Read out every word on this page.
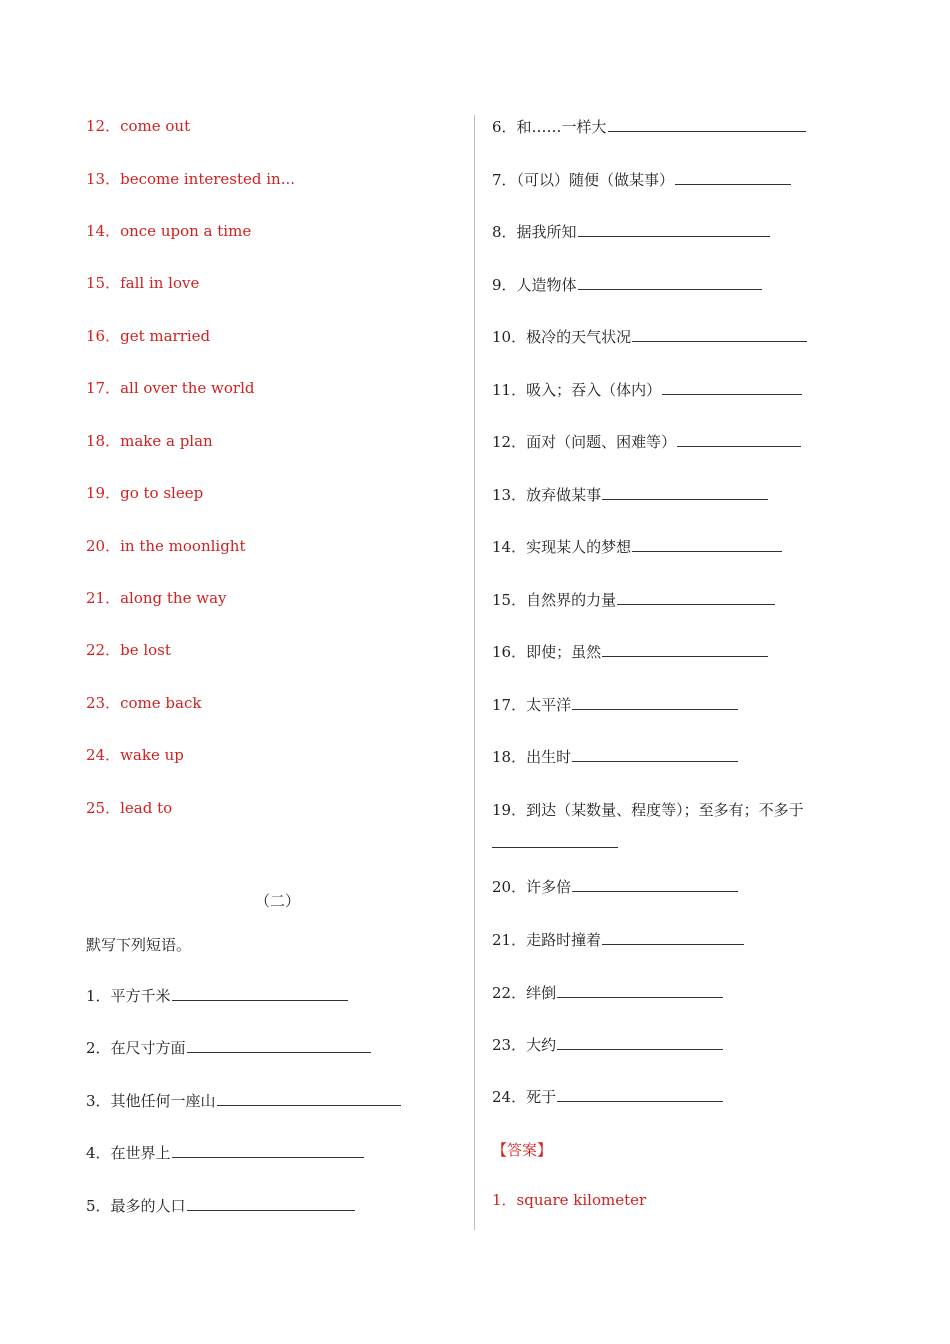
12．come out
13．become interested in...
14．once upon a time
15．fall in love
16．get married
17．all over the world
18．make a plan
19．go to sleep
20．in the moonlight
21．along the way
22．be lost
23．come back
24．wake up
25．lead to
（二）
默写下列短语。
1．平方千米
2．在尺寸方面
3．其他任何一座山
4．在世界上
5．最多的人口
6．和……一样大
7．（可以）随便（做某事）
8．据我所知
9．人造物体
10．极冷的天气状况
11．吸入；吞入（体内）
12．面对（问题、困难等）
13．放弃做某事
14．实现某人的梦想
15．自然界的力量
16．即使；虽然
17．太平洋
18．出生时
19．到达（某数量、程度等）；至多有；不多于
20．许多倍
21．走路时撞着
22．绊倒
23．大约
24．死于
【答案】
1．square kilometer
